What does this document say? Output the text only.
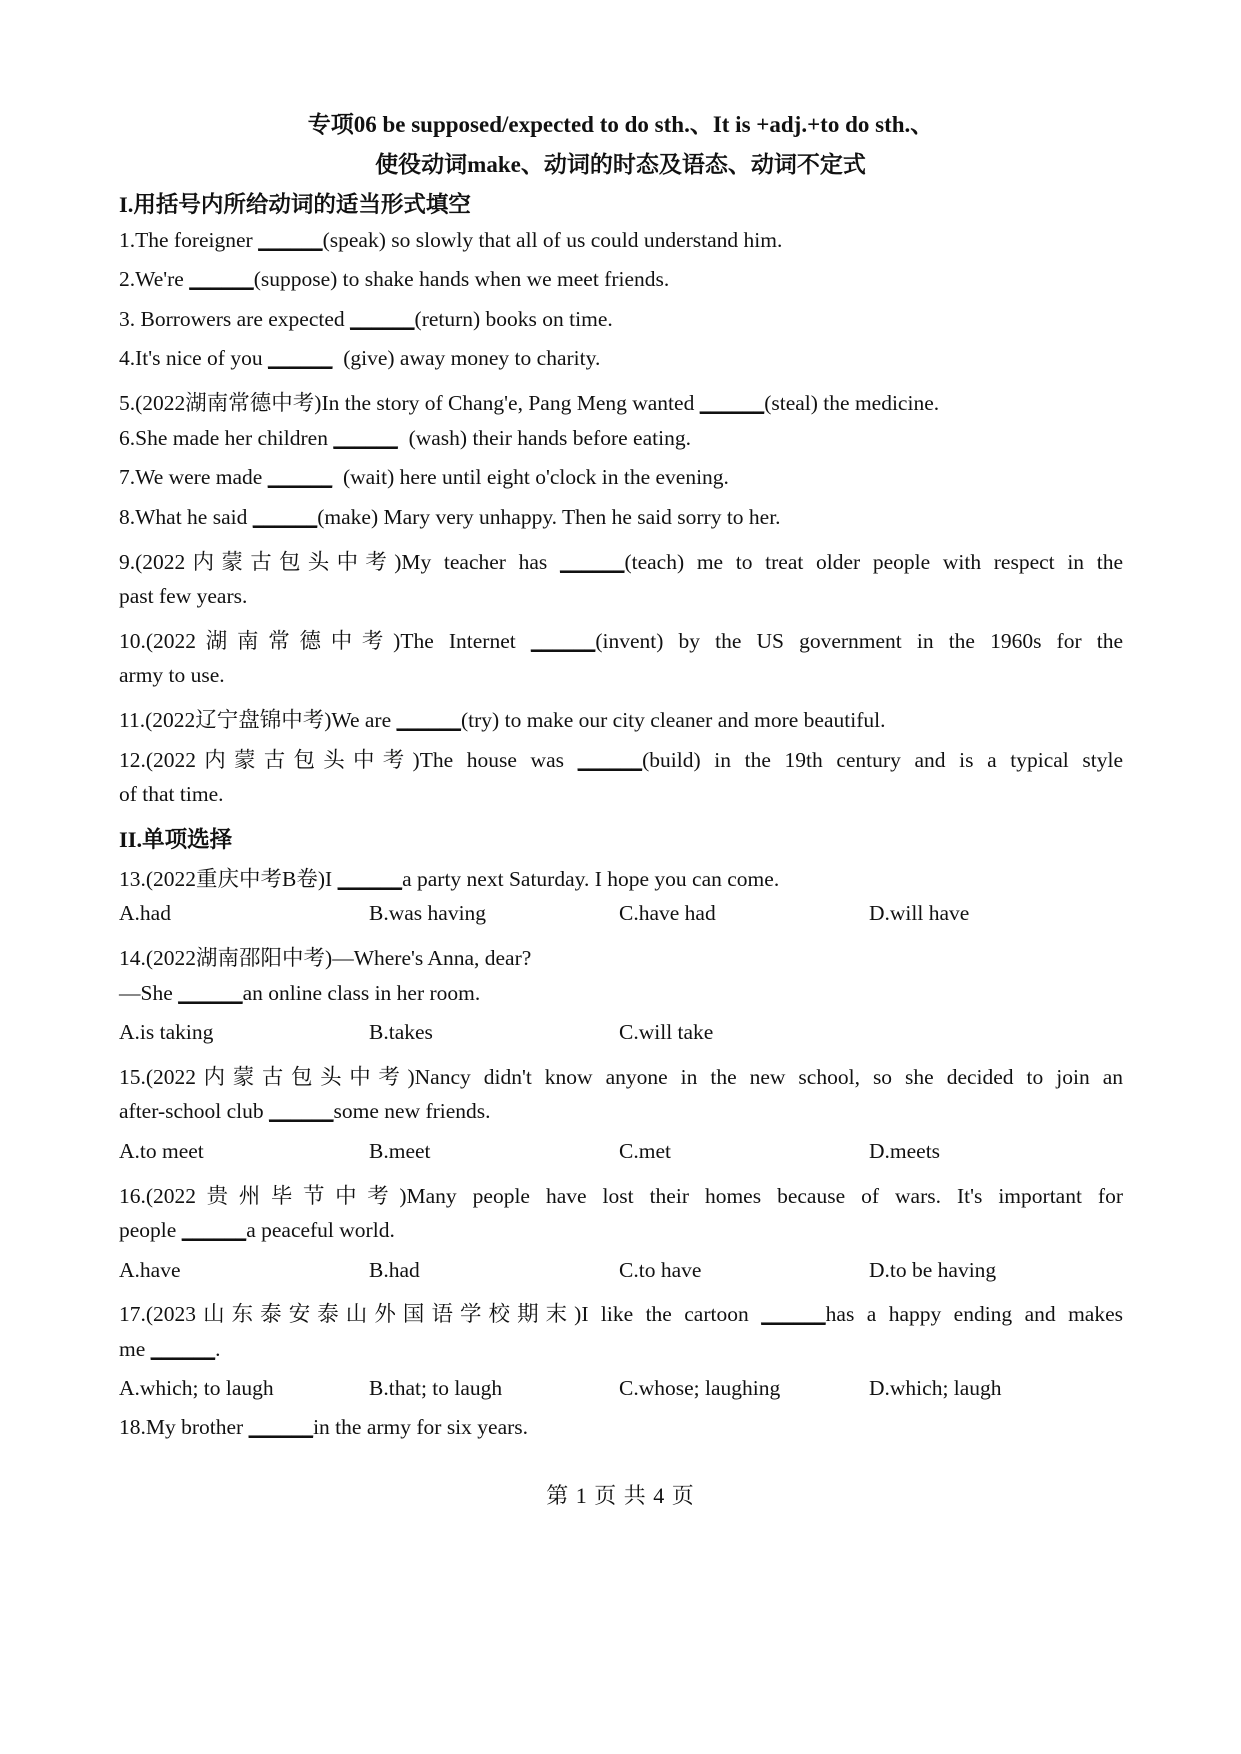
专项06 be supposed/expected to do sth.、It is +adj.+to do sth.、
使役动词make、动词的时态及语态、动词不定式
I.用括号内所给动词的适当形式填空
1.The foreigner ______(speak) so slowly that all of us could understand him.
2.We're ______(suppose) to shake hands when we meet friends.
3. Borrowers are expected ______(return) books on time.
4.It's nice of you ______  (give) away money to charity.
5.(2022湖南常德中考)In the story of Chang'e, Pang Meng wanted ______(steal) the medicine.
6.She made her children ______  (wash) their hands before eating.
7.We were made ______  (wait) here until eight o'clock in the evening.
8.What he said ______(make) Mary very unhappy. Then he said sorry to her.
9.(2022内蒙古包头中考)My teacher has ______(teach) me to treat older people with respect in the
past few years.
10.(2022湖南常德中考)The Internet ______(invent) by the US government in the 1960s for the
army to use.
11.(2022辽宁盘锦中考)We are ______(try) to make our city cleaner and more beautiful.
12.(2022内蒙古包头中考)The house was ______(build) in the 19th century and is a typical style
of that time.
II.单项选择
13.(2022重庆中考B卷)I ______a party next Saturday. I hope you can come.
A.had	B.was having	C.have had	D.will have
14.(2022湖南邵阳中考)—Where's Anna, dear?
—She ______an online class in her room.
A.is taking	B.takes	C.will take
15.(2022内蒙古包头中考)Nancy didn't know anyone in the new school, so she decided to join an
after-school club ______some new friends.
A.to meet	B.meet	C.met	D.meets
16.(2022贵州毕节中考)Many people have lost their homes because of wars. It's important for
people ______a peaceful world.
A.have	B.had	C.to have	D.to be having
17.(2023山东泰安泰山外国语学校期末)I like the cartoon ______has a happy ending and makes
me ______.
A.which; to laugh	B.that; to laugh	C.whose; laughing	D.which; laugh
18.My brother ______in the army for six years.
第 1 页 共 4 页
